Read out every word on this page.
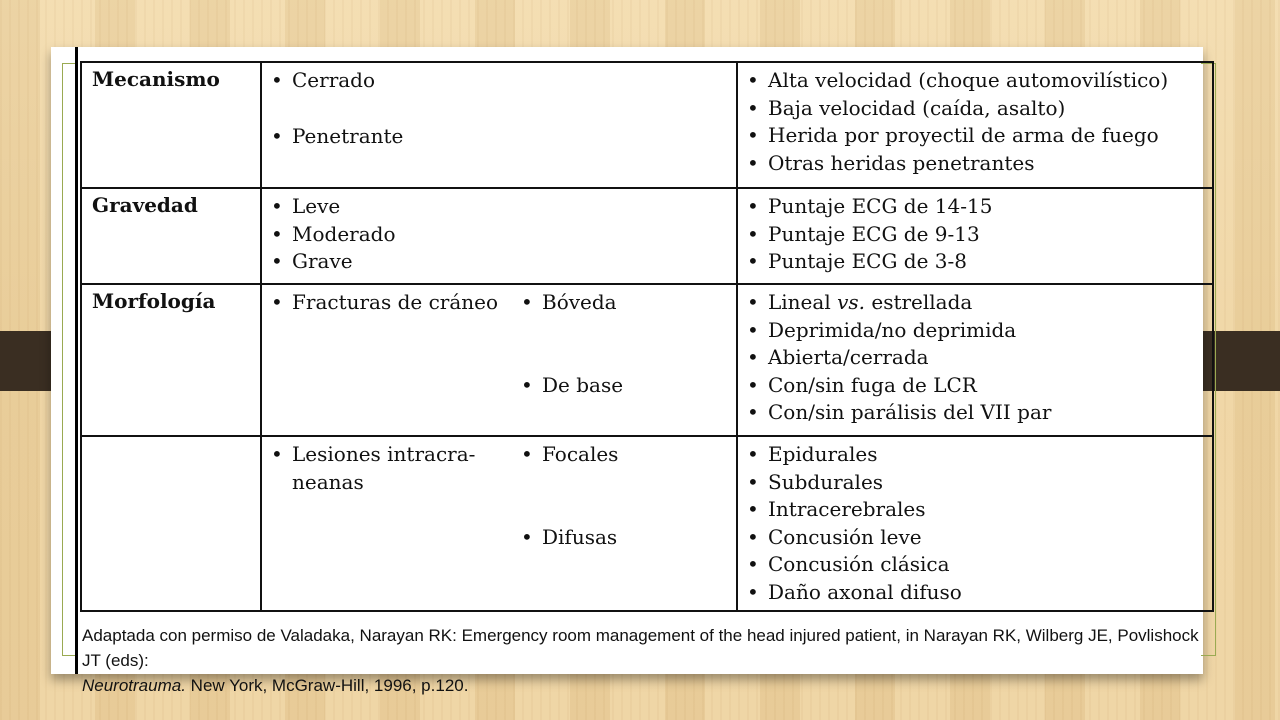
Mecanismo	
•Cerrado
• Penetrante

• Alta velocidad (choque automovilístico)
• Baja velocidad (caída, asalto)
• Herida por proyectil de arma de fuego
• Otras heridas penetrantes

Gravedad	
•Leve
• Moderado
• Grave

• Puntaje ECG de 14-15
• Puntaje ECG de 9-13
• Puntaje ECG de 3-8

Morfología	
•Fracturas de cráneo
•	Bóveda
• De base

• Lineal vs. estrellada
• Deprimida/no deprimida
• Abierta/cerrada
• Con/sin fuga de LCR
• Con/sin parálisis del VII par

• Lesiones intracra-
neanas
• Focales
• Difusas

• Epidurales
• Subdurales
• Intracerebrales
• Concusión leve
• Concusión clásica
• Daño axonal difuso
Adaptada con permiso de Valadaka, Narayan RK: Emergency room management of the head injured patient, in Narayan RK, Wilberg JE, Povlishock JT (eds):
Neurotrauma. New York, McGraw-Hill, 1996, p.120.
